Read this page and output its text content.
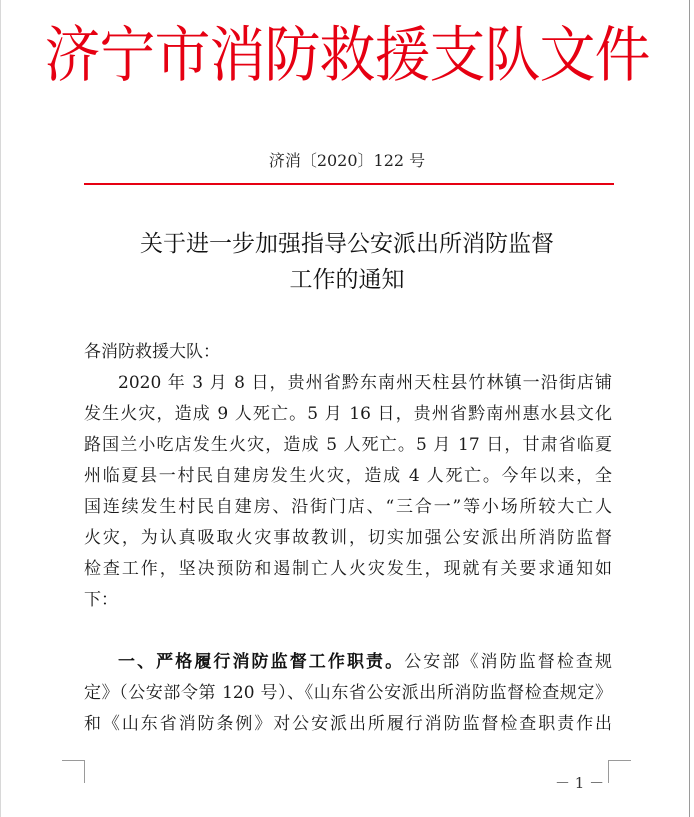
济宁市消防救援支队文件
济消〔2020〕122 号
关于进一步加强指导公安派出所消防监督
工作的通知
各消防救援大队：
2020 年 3 月 8 日，贵州省黔东南州天柱县竹林镇一沿街店铺
发生火灾，造成 9 人死亡。5 月 16 日，贵州省黔南州惠水县文化
路国兰小吃店发生火灾，造成 5 人死亡。5 月 17 日，甘肃省临夏
州临夏县一村民自建房发生火灾，造成 4 人死亡。今年以来，全
国连续发生村民自建房、沿街门店、“三合一”等小场所较大亡人
火灾，为认真吸取火灾事故教训，切实加强公安派出所消防监督
检查工作，坚决预防和遏制亡人火灾发生，现就有关要求通知如
下：
一、严格履行消防监督工作职责。公安部《消防监督检查规
定》（公安部令第 120 号）、《山东省公安派出所消防监督检查规定》
和《山东省消防条例》对公安派出所履行消防监督检查职责作出
－ 1 －
